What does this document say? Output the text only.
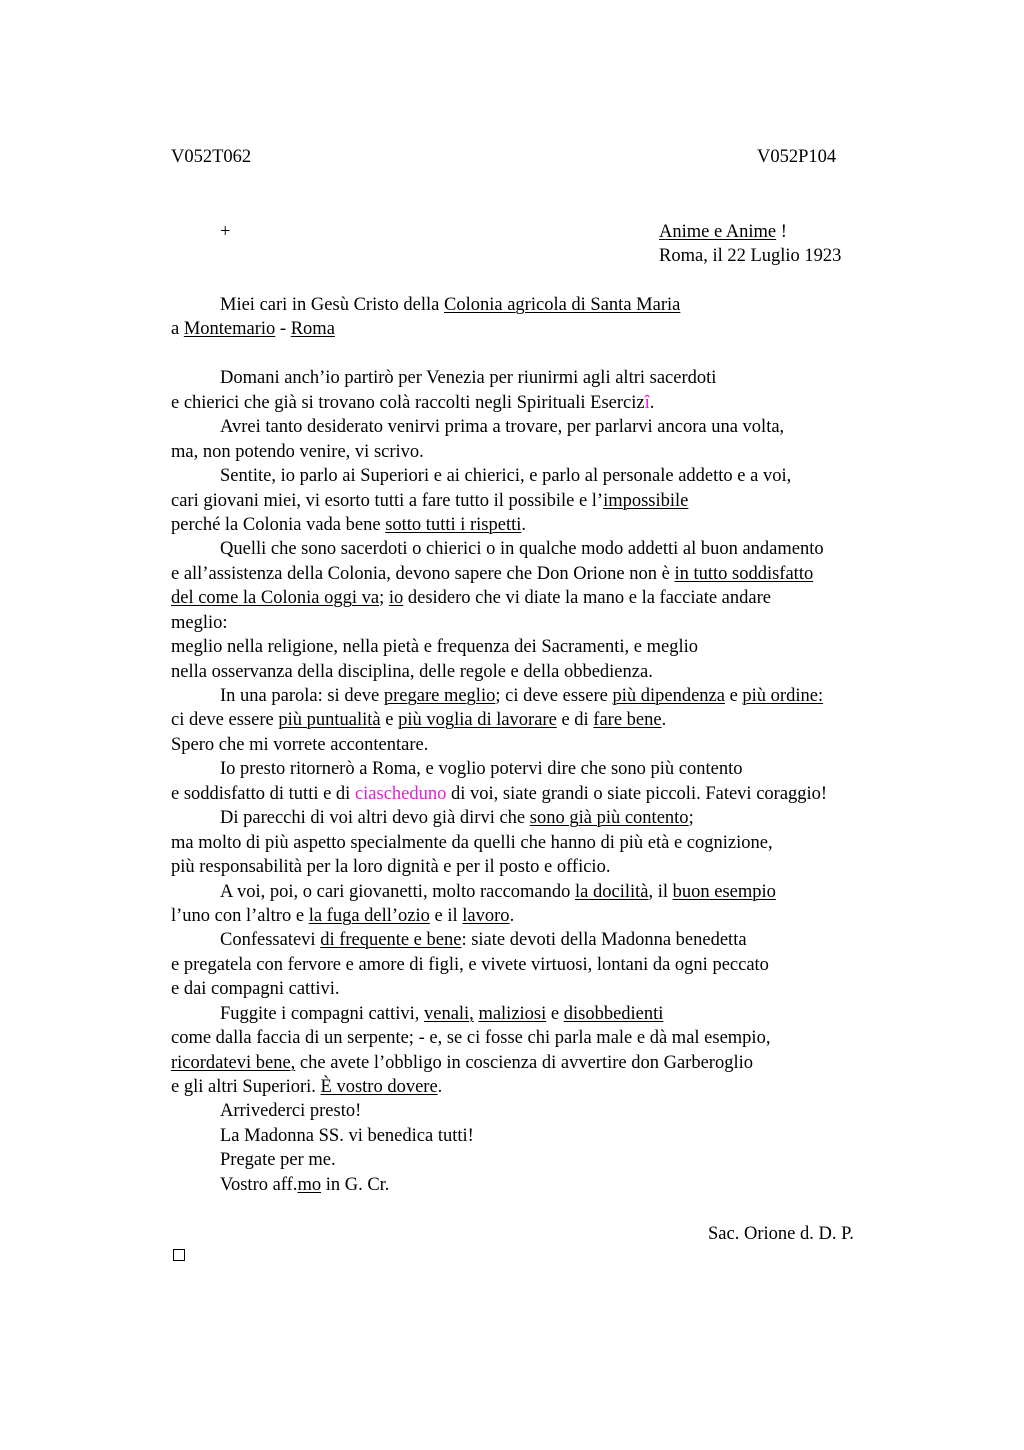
V052T062	V052P104
+	Anime e Anime !
Roma, il 22 Luglio 1923
Miei cari in Gesù Cristo della Colonia agricola di Santa Maria
a Montemario - Roma
Domani anch’io partirò per Venezia per riunirmi agli altri sacerdoti
e chierici che già si trovano colà raccolti negli Spirituali Esercizî.
Avrei tanto desiderato venirvi prima a trovare, per parlarvi ancora una volta,
ma, non potendo venire, vi scrivo.
Sentite, io parlo ai Superiori e ai chierici, e parlo al personale addetto e a voi,
cari giovani miei, vi esorto tutti a fare tutto il possibile e l’impossibile
perché la Colonia vada bene sotto tutti i rispetti.
Quelli che sono sacerdoti o chierici o in qualche modo addetti al buon andamento
e all’assistenza della Colonia, devono sapere che Don Orione non è in tutto soddisfatto
del come la Colonia oggi va; io desidero che vi diate la mano e la facciate andare
meglio:
meglio nella religione, nella pietà e frequenza dei Sacramenti, e meglio
nella osservanza della disciplina, delle regole e della obbedienza.
In una parola: si deve pregare meglio; ci deve essere più dipendenza e più ordine:
ci deve essere più puntualità e più voglia di lavorare e di fare bene.
Spero che mi vorrete accontentare.
Io presto ritornerò a Roma, e voglio potervi dire che sono più contento
e soddisfatto di tutti e di ciascheduno di voi, siate grandi o siate piccoli. Fatevi coraggio!
Di parecchi di voi altri devo già dirvi che sono già più contento;
ma molto di più aspetto specialmente da quelli che hanno di più età e cognizione,
più responsabilità per la loro dignità e per il posto e officio.
A voi, poi, o cari giovanetti, molto raccomando la docilità, il buon esempio
l’uno con l’altro e la fuga dell’ozio e il lavoro.
Confessatevi di frequente e bene: siate devoti della Madonna benedetta
e pregatela con fervore e amore di figli, e vivete virtuosi, lontani da ogni peccato
e dai compagni cattivi.
Fuggite i compagni cattivi, venali, maliziosi e disobbedienti
come dalla faccia di un serpente; - e, se ci fosse chi parla male e dà mal esempio,
ricordatevi bene, che avete l’obbligo in coscienza di avvertire don Garberoglio
e gli altri Superiori. È vostro dovere.
Arrivederci presto!
La Madonna SS. vi benedica tutti!
Pregate per me.
Vostro aff.mo in G. Cr.
Sac. Orione d. D. P.
